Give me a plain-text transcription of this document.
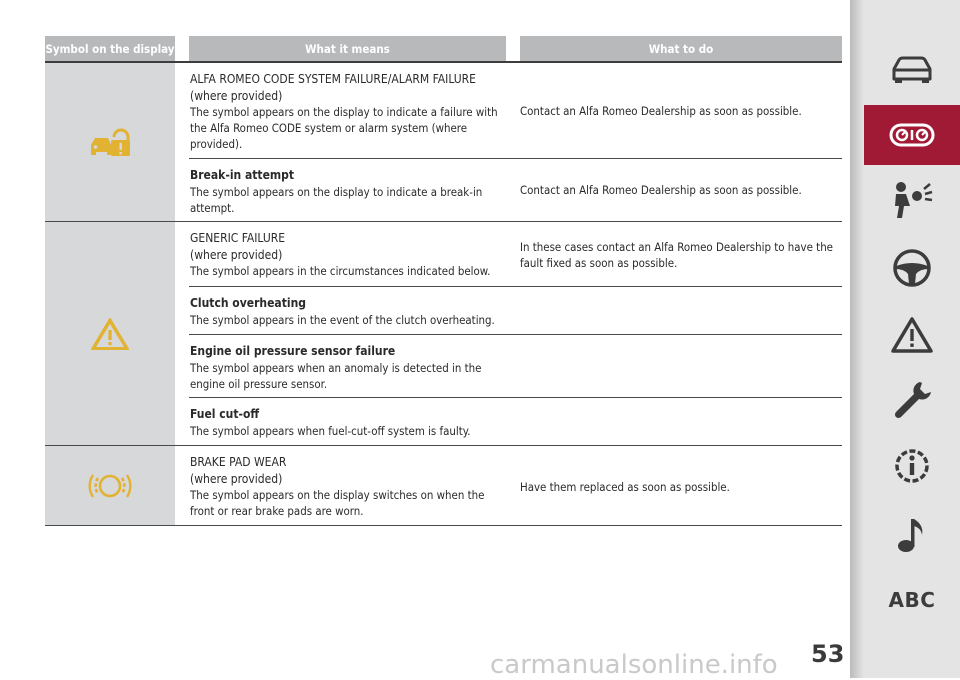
Symbol on the display	What it means	What to do
ALFA ROMEO CODE SYSTEM FAILURE/ALARM FAILURE
(where provided)
The symbol appears on the display to indicate a failure with the Alfa Romeo CODE system or alarm system (where provided).
Contact an Alfa Romeo Dealership as soon as possible.
Break-in attempt
The symbol appears on the display to indicate a break-in attempt.
Contact an Alfa Romeo Dealership as soon as possible.
GENERIC FAILURE
(where provided)
The symbol appears in the circumstances indicated below.
In these cases contact an Alfa Romeo Dealership to have the fault fixed as soon as possible.
Clutch overheating
The symbol appears in the event of the clutch overheating.
Engine oil pressure sensor failure
The symbol appears when an anomaly is detected in the engine oil pressure sensor.
Fuel cut-off
The symbol appears when fuel-cut-off system is faulty.
BRAKE PAD WEAR
(where provided)
The symbol appears on the display switches on when the front or rear brake pads are worn.
Have them replaced as soon as possible.
carmanualsonline.info 53
ABC
